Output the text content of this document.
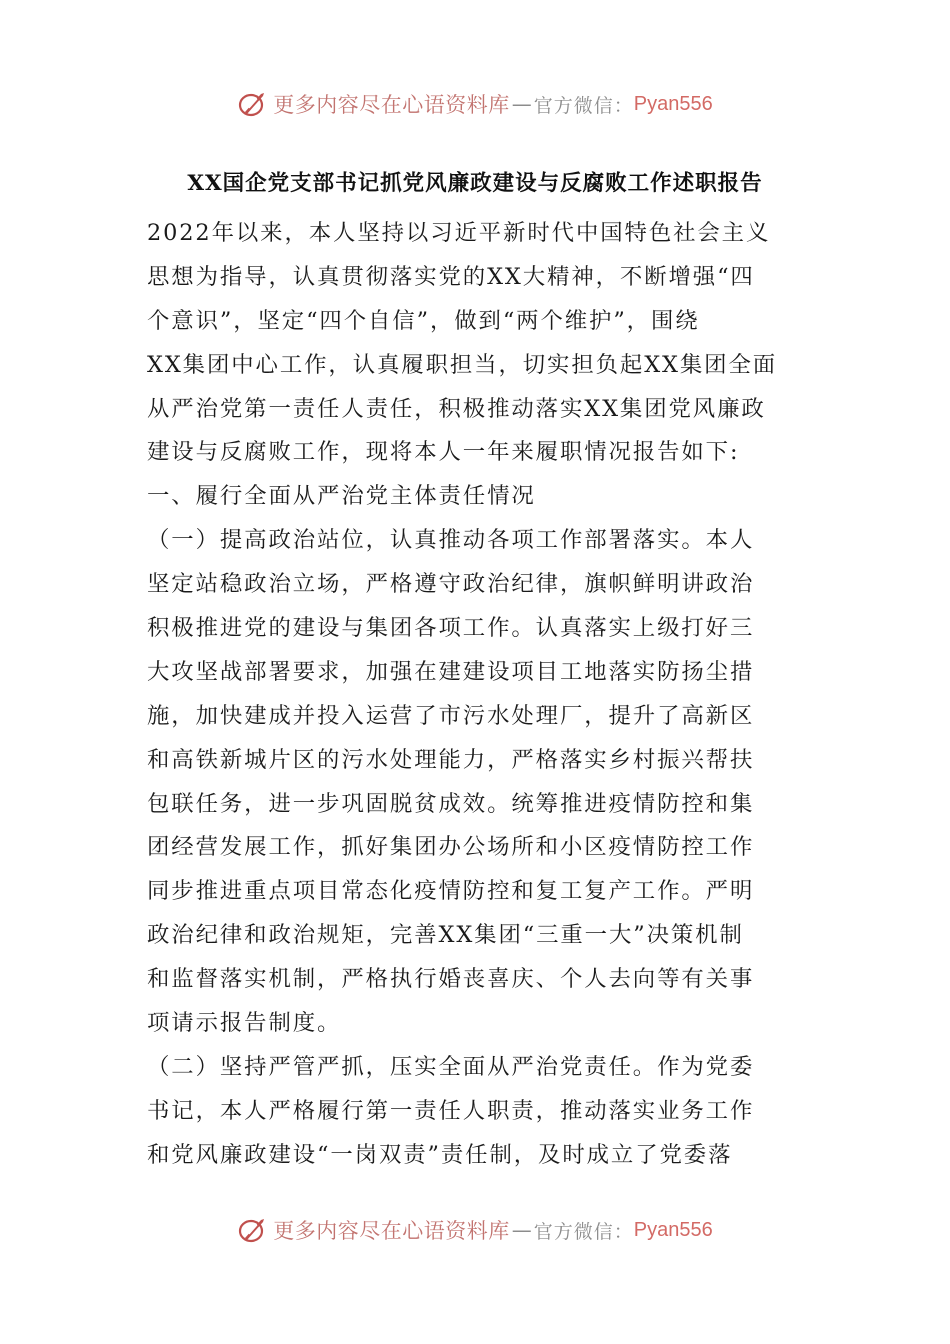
更多内容尽在心语资料库 — 官方微信： Pyan556
XX国企党支部书记抓党风廉政建设与反腐败工作述职报告
2022年以来，本人坚持以习近平新时代中国特色社会主义
思想为指导，认真贯彻落实党的XX大精神，不断增强“四
个意识”，坚定“四个自信”，做到“两个维护”，围绕
XX集团中心工作，认真履职担当，切实担负起XX集团全面
从严治党第一责任人责任，积极推动落实XX集团党风廉政
建设与反腐败工作，现将本人一年来履职情况报告如下:
一、履行全面从严治党主体责任情况
（一）提高政治站位，认真推动各项工作部署落实。本人
坚定站稳政治立场，严格遵守政治纪律，旗帜鲜明讲政治
积极推进党的建设与集团各项工作。认真落实上级打好三
大攻坚战部署要求，加强在建建设项目工地落实防扬尘措
施，加快建成并投入运营了市污水处理厂，提升了高新区
和高铁新城片区的污水处理能力，严格落实乡村振兴帮扶
包联任务，进一步巩固脱贫成效。统筹推进疫情防控和集
团经营发展工作，抓好集团办公场所和小区疫情防控工作
同步推进重点项目常态化疫情防控和复工复产工作。严明
政治纪律和政治规矩，完善XX集团“三重一大”决策机制
和监督落实机制，严格执行婚丧喜庆、个人去向等有关事
项请示报告制度。
（二）坚持严管严抓，压实全面从严治党责任。作为党委
书记，本人严格履行第一责任人职责，推动落实业务工作
和党风廉政建设“一岗双责”责任制，及时成立了党委落
更多内容尽在心语资料库 — 官方微信： Pyan556
